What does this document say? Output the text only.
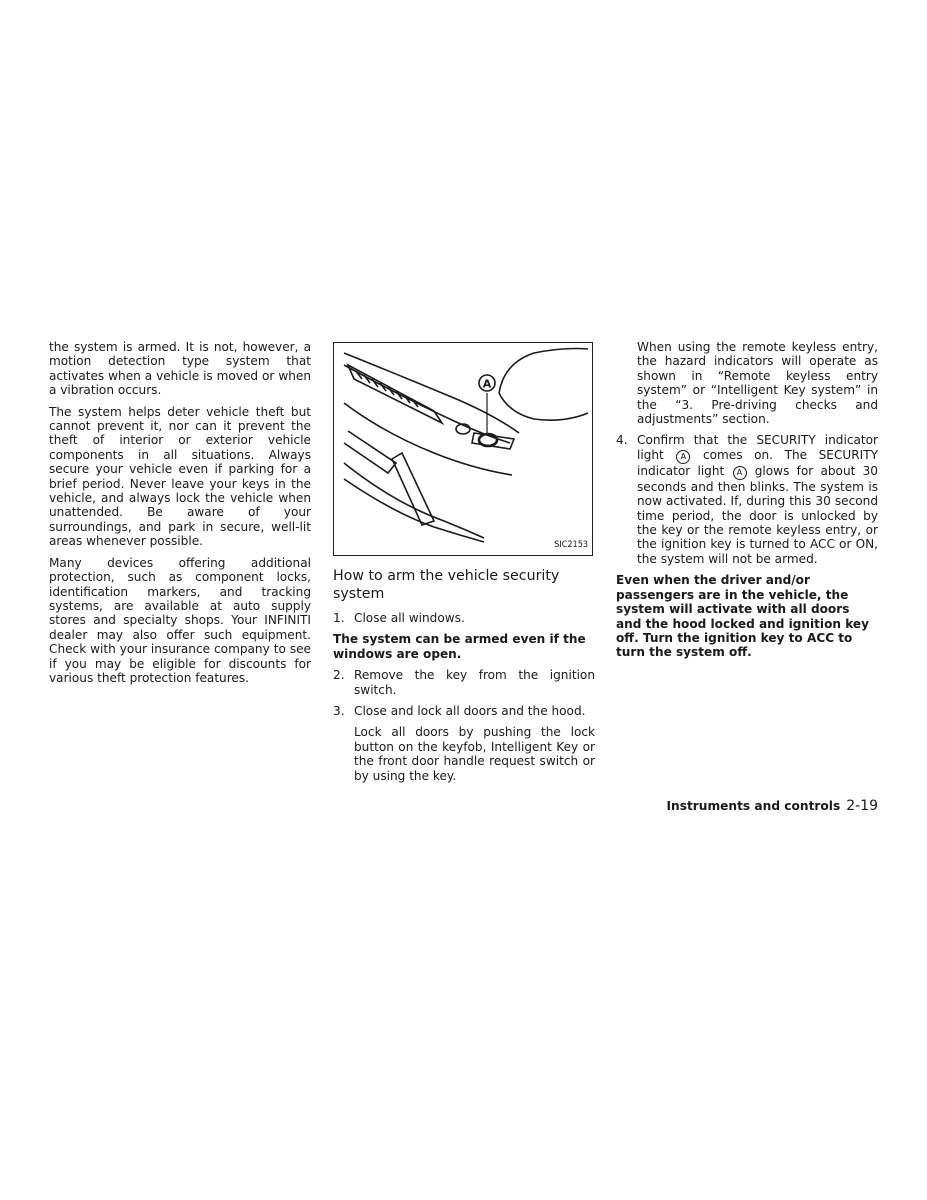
the system is armed. It is not, however, a motion detection type system that activates when a vehicle is moved or when a vibration occurs.

The system helps deter vehicle theft but cannot prevent it, nor can it prevent the theft of interior or exterior vehicle components in all situations. Always secure your vehicle even if parking for a brief period. Never leave your keys in the vehicle, and always lock the vehicle when unattended. Be aware of your surroundings, and park in secure, well-lit areas whenever possible.

Many devices offering additional protection, such as component locks, identification markers, and tracking systems, are available at auto supply stores and specialty shops. Your INFINITI dealer may also offer such equipment. Check with your insurance company to see if you may be eligible for discounts for various theft protection features.

A
SIC2153
How to arm the vehicle security system
1. Close all windows.

The system can be armed even if the windows are open.

2. Remove the key from the ignition switch.
3. Close and lock all doors and the hood.

Lock all doors by pushing the lock button on the keyfob, Intelligent Key or the front door handle request switch or by using the key.

When using the remote keyless entry, the hazard indicators will operate as shown in “Remote keyless entry system” or “Intelligent Key system” in the “3. Pre-driving checks and adjustments” section.

4. Confirm that the SECURITY indicator light A comes on. The SECURITY indicator light A glows for about 30 seconds and then blinks. The system is now activated. If, during this 30 second time period, the door is unlocked by the key or the remote keyless entry, or the ignition key is turned to ACC or ON, the system will not be armed.

Even when the driver and/or passengers are in the vehicle, the system will activate with all doors and the hood locked and ignition key off. Turn the ignition key to ACC to turn the system off.

Instruments and controls 2-19
